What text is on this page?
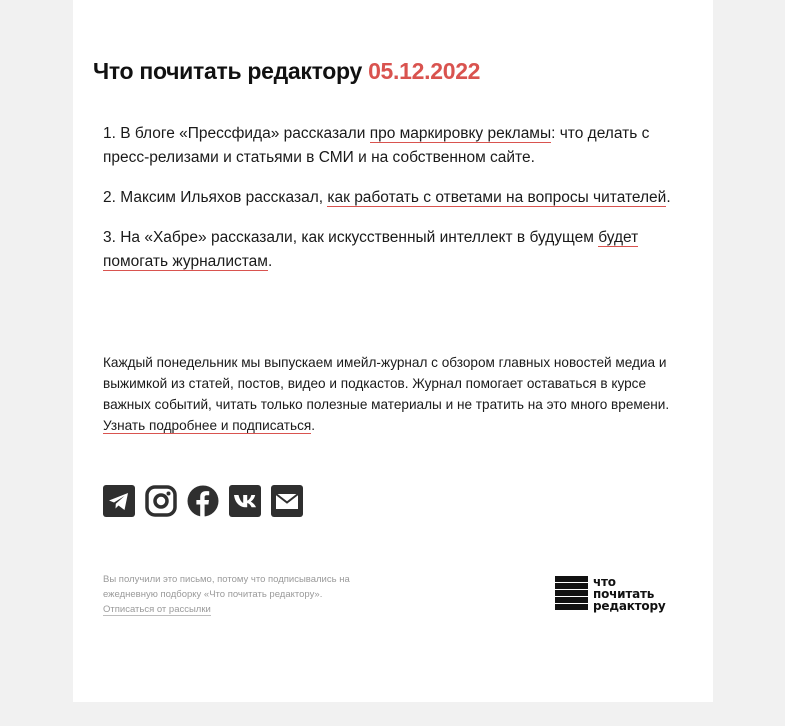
Что почитать редактору 05.12.2022

1. В блоге «Прессфида» рассказали про маркировку рекламы: что делать с пресс-релизами и статьями в СМИ и на собственном сайте.

2. Максим Ильяхов рассказал, как работать с ответами на вопросы читателей.

3. На «Хабре» рассказали, как искусственный интеллект в будущем будет помогать журналистам.

Каждый понедельник мы выпускаем имейл-журнал с обзором главных новостей медиа и выжимкой из статей, постов, видео и подкастов. Журнал помогает оставаться в курсе важных событий, читать только полезные материалы и не тратить на это много времени. Узнать подробнее и подписаться.
Вы получили это письмо, потому что подписывались на ежедневную подборку «Что почитать редактору».
Отписаться от рассылки
что
почитать
редактору
